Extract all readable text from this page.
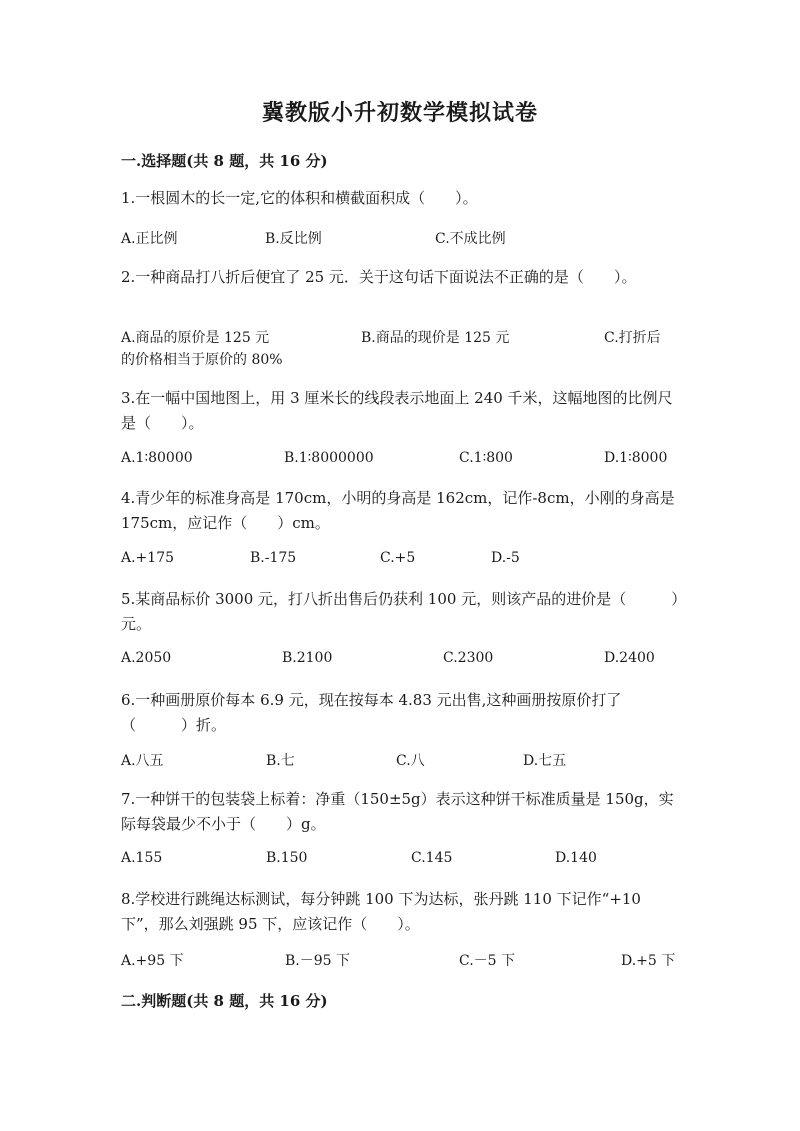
冀教版小升初数学模拟试卷
一.选择题(共 8 题，共 16 分)
1.一根圆木的长一定,它的体积和横截面积成（　　）。
A.正比例	B.反比例	C.不成比例
2.一种商品打八折后便宜了 25 元．关于这句话下面说法不正确的是（　　）。
A.商品的原价是 125 元	B.商品的现价是 125 元	C.打折后
的价格相当于原价的 80%
3.在一幅中国地图上，用 3 厘米长的线段表示地面上 240 千米，这幅地图的比例尺是（　　）。
A.1∶80000	B.1∶8000000	C.1∶800	D.1∶8000
4.青少年的标准身高是 170cm，小明的身高是 162cm，记作-8cm，小刚的身高是 175cm，应记作（　　）cm。
A.+175	B.-175	C.+5	D.-5
5.某商品标价 3000 元，打八折出售后仍获利 100 元，则该产品的进价是（　　　）元。
A.2050	B.2100	C.2300	D.2400
6.一种画册原价每本 6.9 元，现在按每本 4.83 元出售,这种画册按原价打了（　　　）折。
A.八五	B.七	C.八	D.七五
7.一种饼干的包装袋上标着：净重（150±5g）表示这种饼干标准质量是 150g，实际每袋最少不小于（　　）g。
A.155	B.150	C.145	D.140
8.学校进行跳绳达标测试，每分钟跳 100 下为达标，张丹跳 110 下记作“+10 下”，那么刘强跳 95 下，应该记作（　　）。
A.+95 下	B.－95 下	C.－5 下	D.+5 下
二.判断题(共 8 题，共 16 分)
